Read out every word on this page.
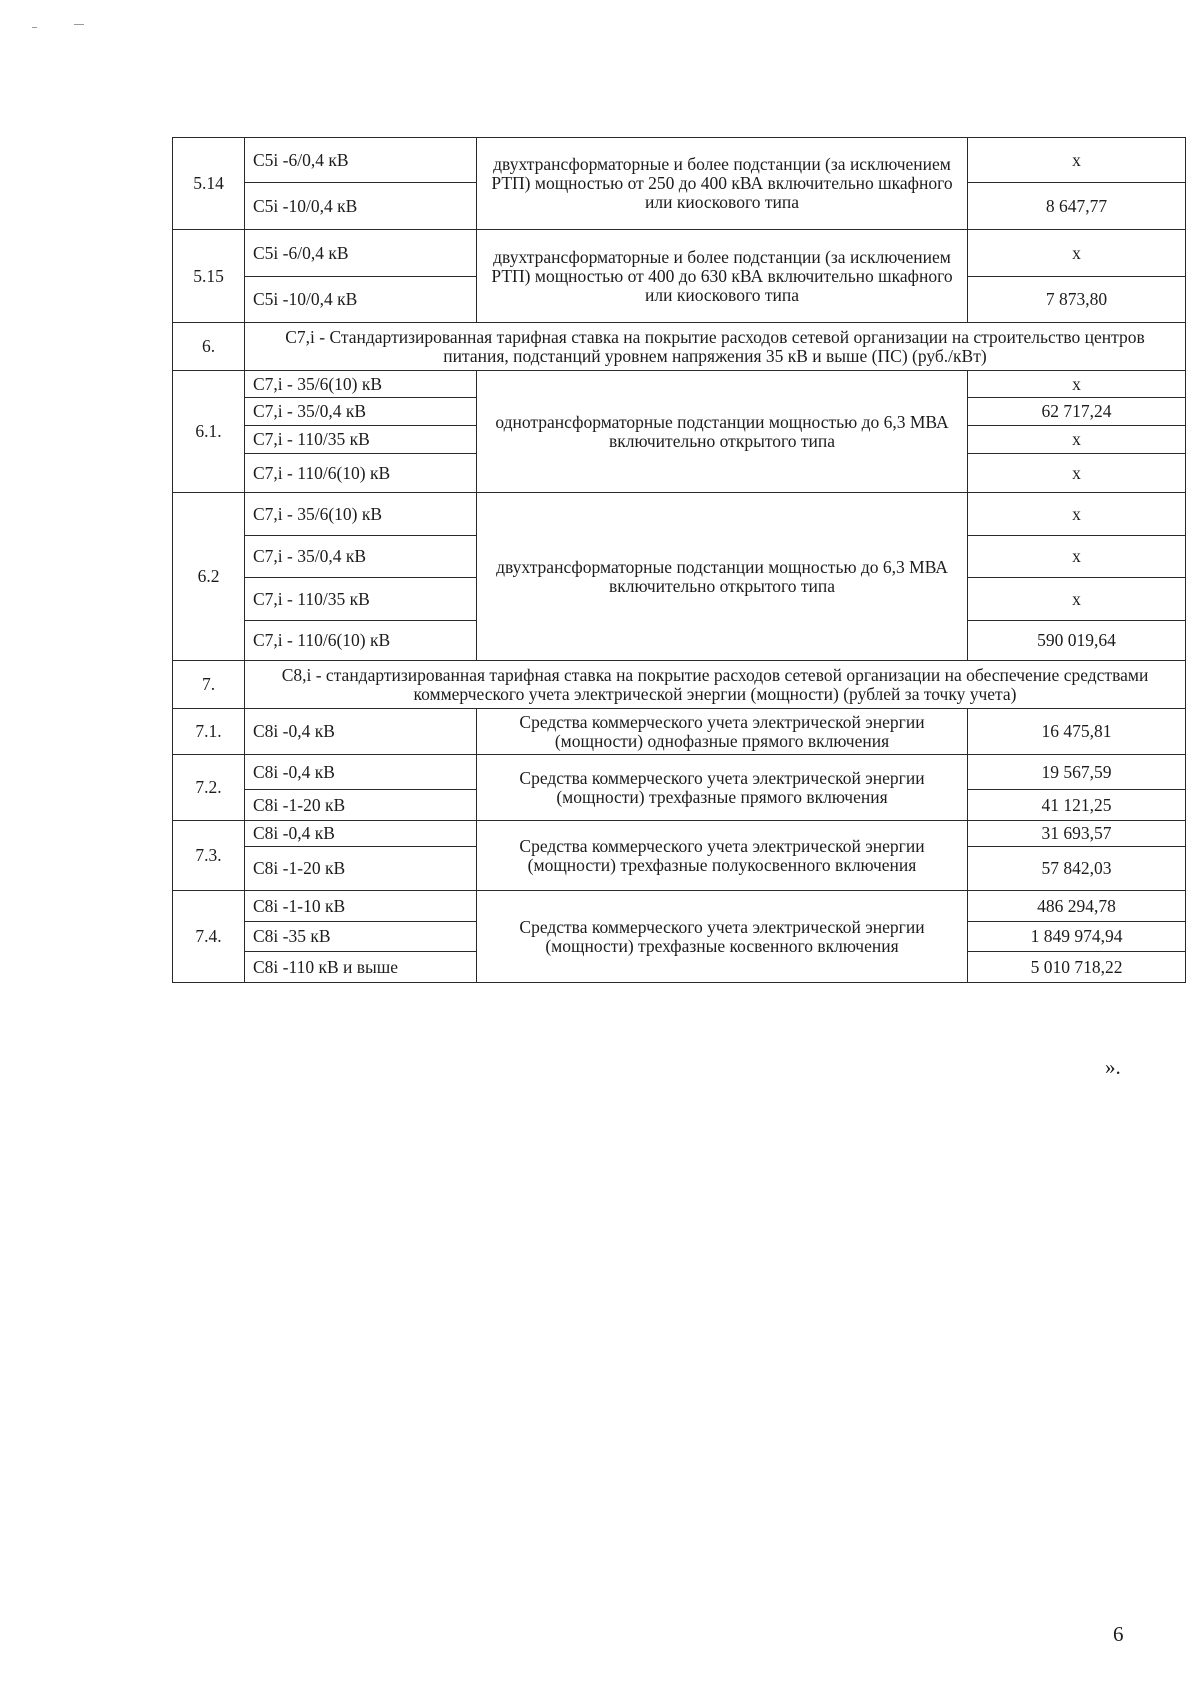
5.14	C5i -6/0,4 кВ	двухтрансформаторные и более подстанции (за исключением РТП) мощностью от 250 до 400 кВА включительно шкафного или киоскового типа	x
	C5i -10/0,4 кВ		8 647,77
5.15	C5i -6/0,4 кВ	двухтрансформаторные и более подстанции (за исключением РТП) мощностью от 400 до 630 кВА включительно шкафного или киоскового типа	x
	C5i -10/0,4 кВ		7 873,80
6.	C7,i - Стандартизированная тарифная ставка на покрытие расходов сетевой организации на строительство центров питания, подстанций уровнем напряжения 35 кВ и выше (ПС) (руб./кВт)		
6.1.	C7,i - 35/6(10) кВ	однотрансформаторные подстанции мощностью до 6,3 МВА включительно открытого типа	x
	C7,i - 35/0,4 кВ		62 717,24
	C7,i - 110/35 кВ		x
	C7,i - 110/6(10) кВ		x
6.2	C7,i - 35/6(10) кВ	двухтрансформаторные подстанции мощностью до 6,3 МВА включительно открытого типа	x
	C7,i - 35/0,4 кВ		x
	C7,i - 110/35 кВ		x
	C7,i - 110/6(10) кВ		590 019,64
7.	C8,i - стандартизированная тарифная ставка на покрытие расходов сетевой организации на обеспечение средствами коммерческого учета электрической энергии (мощности) (рублей за точку учета)		
7.1.	C8i -0,4 кВ	Средства коммерческого учета электрической энергии (мощности) однофазные прямого включения	16 475,81
7.2.	C8i -0,4 кВ	Средства коммерческого учета электрической энергии (мощности) трехфазные прямого включения	19 567,59
	C8i -1-20 кВ		41 121,25
7.3.	C8i -0,4 кВ	Средства коммерческого учета электрической энергии (мощности) трехфазные полукосвенного включения	31 693,57
	C8i -1-20 кВ		57 842,03
7.4.	C8i -1-10 кВ	Средства коммерческого учета электрической энергии (мощности) трехфазные косвенного включения	486 294,78
	C8i -35 кВ		1 849 974,94
	C8i -110 кВ и выше		5 010 718,22
».
6
